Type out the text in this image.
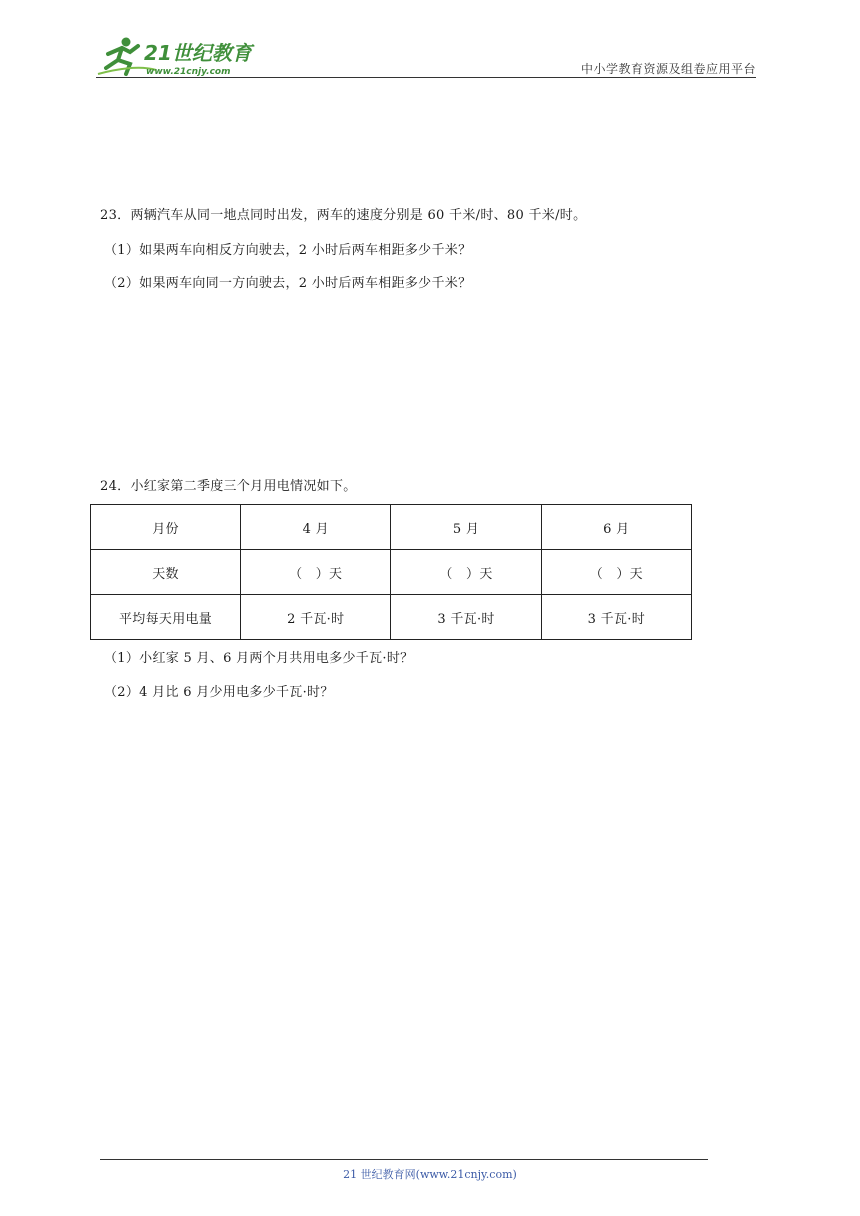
21世纪教育
www.21cnjy.com	中小学教育资源及组卷应用平台
23．两辆汽车从同一地点同时出发，两车的速度分别是 60 千米/时、80 千米/时。
（1）如果两车向相反方向驶去，2 小时后两车相距多少千米？
（2）如果两车向同一方向驶去，2 小时后两车相距多少千米？
24．小红家第二季度三个月用电情况如下。
月份	4 月	5 月	6 月
天数	（　）天	（　）天	（　）天
平均每天用电量	2 千瓦·时	3 千瓦·时	3 千瓦·时
（1）小红家 5 月、6 月两个月共用电多少千瓦·时？
（2）4 月比 6 月少用电多少千瓦·时？
21 世纪教育网(www.21cnjy.com)
